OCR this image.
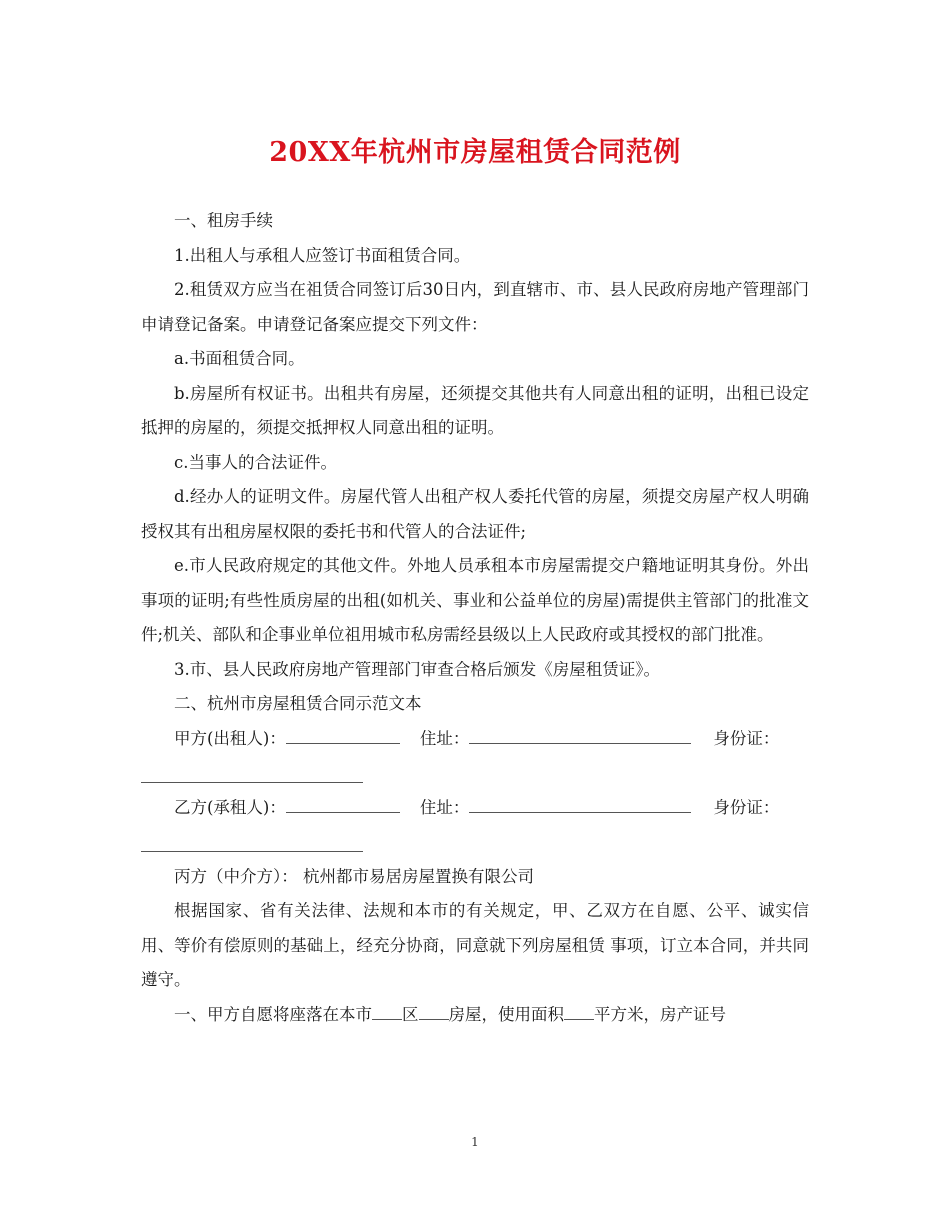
20XX年杭州市房屋租赁合同范例

一、租房手续

1.出租人与承租人应签订书面租赁合同。

2.租赁双方应当在祖赁合同签订后30日内，到直辖市、市、县人民政府房地产管理部门申请登记备案。申请登记备案应提交下列文件：

a.书面租赁合同。

b.房屋所有权证书。出租共有房屋，还须提交其他共有人同意出租的证明，出租已设定抵押的房屋的，须提交抵押权人同意出租的证明。

c.当事人的合法证件。

d.经办人的证明文件。房屋代管人出租产权人委托代管的房屋，须提交房屋产权人明确授权其有出租房屋权限的委托书和代管人的合法证件;

e.市人民政府规定的其他文件。外地人员承租本市房屋需提交户籍地证明其身份。外出事项的证明;有些性质房屋的出租(如机关、事业和公益单位的房屋)需提供主管部门的批准文件;机关、部队和企事业单位祖用城市私房需经县级以上人民政府或其授权的部门批准。

3.市、县人民政府房地产管理部门审查合格后颁发《房屋租赁证》。

二、杭州市房屋租赁合同示范文本

甲方(出租人)：	住址：	身份证：
乙方(承租人)：	住址：	身份证：

丙方（中介方）： 杭州都市易居房屋置换有限公司

根据国家、省有关法律、法规和本市的有关规定，甲、乙双方在自愿、公平、诚实信用、等价有偿原则的基础上，经充分协商，同意就下列房屋租赁 事项，订立本合同，并共同遵守。

一、甲方自愿将座落在本市 区 房屋，使用面积 平方米，房产证号

1
